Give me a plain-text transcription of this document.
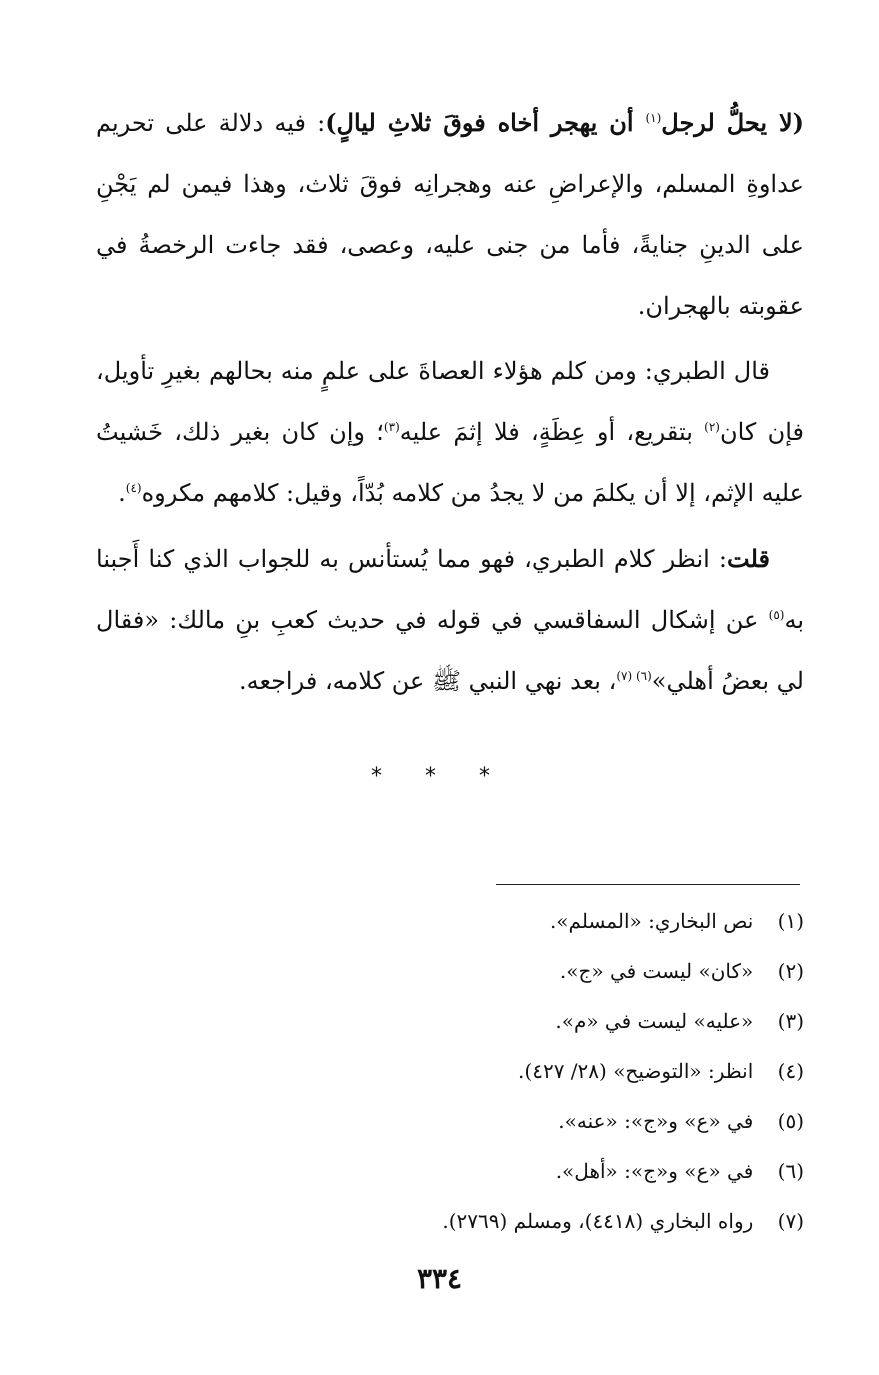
(لا يحلُّ لرجل$^{(١)}$ أن يهجر أخاه فوقَ ثلاثِ ليالٍ): فيه دلالة على تحريم عداوةِ المسلم، والإعراضِ عنه وهجرانِه فوقَ ثلاث، وهذا فيمن لم يَجْنِ على الدينِ جنايةً، فأما من جنى عليه، وعصى، فقد جاءت الرخصةُ في عقوبته بالهجران.

قال الطبري: ومن كلم هؤلاء العصاةَ على علمٍ منه بحالهم بغيرِ تأويل، فإن كان$^{(٢)}$ بتقريع، أو عِظَةٍ، فلا إثمَ عليه$^{(٣)}$؛ وإن كان بغير ذلك، خَشيتُ عليه الإثم، إلا أن يكلمَ من لا يجدُ من كلامه بُدّاً، وقيل: كلامهم مكروه$^{(٤)}$.

قلت: انظر كلام الطبري، فهو مما يُستأنس به للجواب الذي كنا أَجبنا به$^{(٥)}$ عن إشكال السفاقسي في قوله في حديث كعبِ بنِ مالك: «فقال لي بعضُ أهلي»$^{(٦)}$ $^{(٧)}$، بعد نهي النبي ﷺ عن كلامه، فراجعه.

* * *
(١)  نص البخاري: «المسلم».
(٢)  «كان» ليست في «ج».
(٣)  «عليه» ليست في «م».
(٤)  انظر: «التوضيح» (٢٨/ ٤٢٧).
(٥)  في «ع» و«ج»: «عنه».
(٦)  في «ع» و«ج»: «أهل».
(٧)  رواه البخاري (٤٤١٨)، ومسلم (٢٧٦٩).
٣٣٤
